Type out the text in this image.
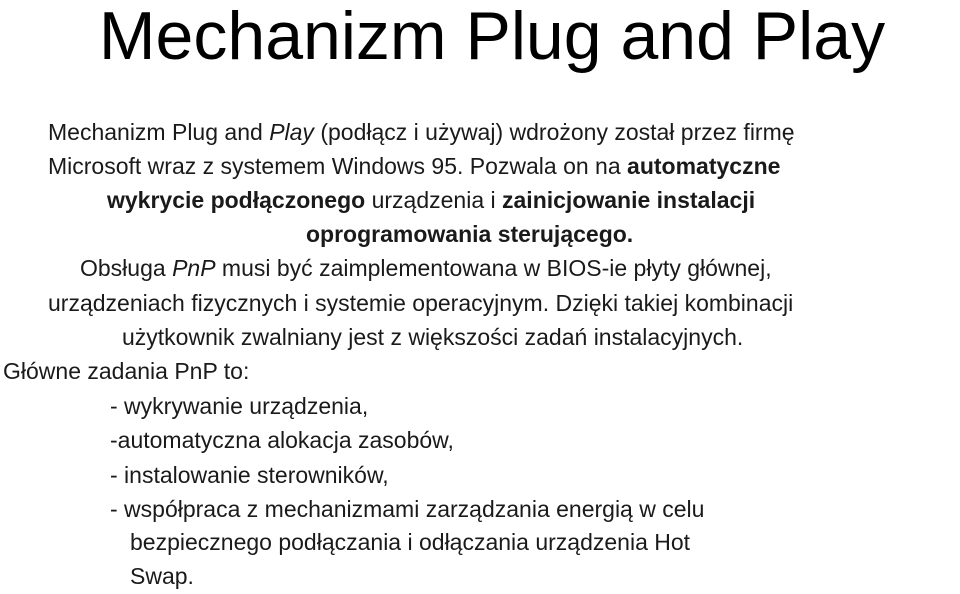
Mechanizm Plug and Play
Mechanizm Plug and Play (podłącz i używaj) wdrożony został przez firmę
Microsoft wraz z systemem Windows 95. Pozwala on na automatyczne
wykrycie podłączonego urządzenia i zainicjowanie instalacji
oprogramowania sterującego.
Obsługa PnP musi być zaimplementowana w BIOS-ie płyty głównej,
urządzeniach fizycznych i systemie operacyjnym. Dzięki takiej kombinacji
użytkownik zwalniany jest z większości zadań instalacyjnych.
Główne zadania PnP to:
- wykrywanie urządzenia,
-automatyczna alokacja zasobów,
- instalowanie sterowników,
- współpraca z mechanizmami zarządzania energią w celu
bezpiecznego podłączania i odłączania urządzenia Hot
Swap.
